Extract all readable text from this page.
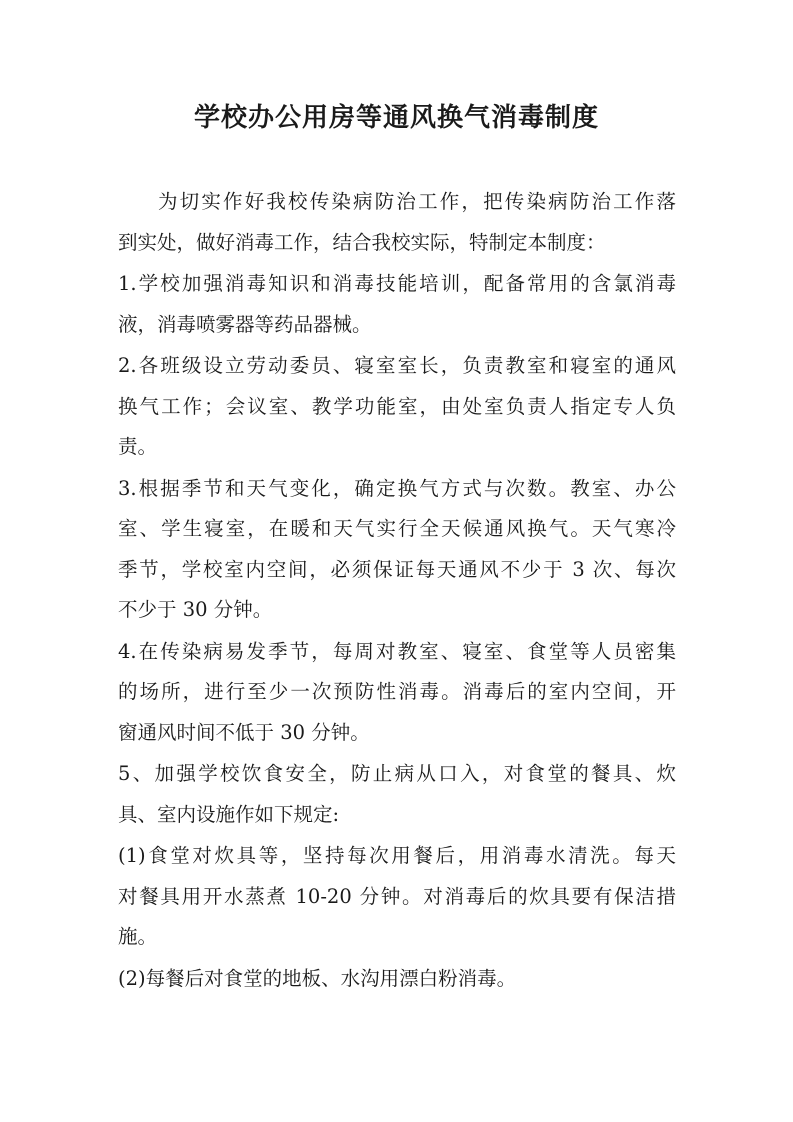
学校办公用房等通风换气消毒制度
为切实作好我校传染病防治工作，把传染病防治工作落
到实处，做好消毒工作，结合我校实际，特制定本制度：
1.学校加强消毒知识和消毒技能培训，配备常用的含氯消毒
液，消毒喷雾器等药品器械。
2.各班级设立劳动委员、寝室室长，负责教室和寝室的通风
换气工作；会议室、教学功能室，由处室负责人指定专人负
责。
3.根据季节和天气变化，确定换气方式与次数。教室、办公
室、学生寝室，在暖和天气实行全天候通风换气。天气寒冷
季节，学校室内空间，必须保证每天通风不少于 3 次、每次
不少于 30 分钟。
4.在传染病易发季节，每周对教室、寝室、食堂等人员密集
的场所，进行至少一次预防性消毒。消毒后的室内空间，开
窗通风时间不低于 30 分钟。
5、加强学校饮食安全，防止病从口入，对食堂的餐具、炊
具、室内设施作如下规定:
(1)食堂对炊具等，坚持每次用餐后，用消毒水清洗。每天
对餐具用开水蒸煮 10-20 分钟。对消毒后的炊具要有保洁措
施。
(2)每餐后对食堂的地板、水沟用漂白粉消毒。
